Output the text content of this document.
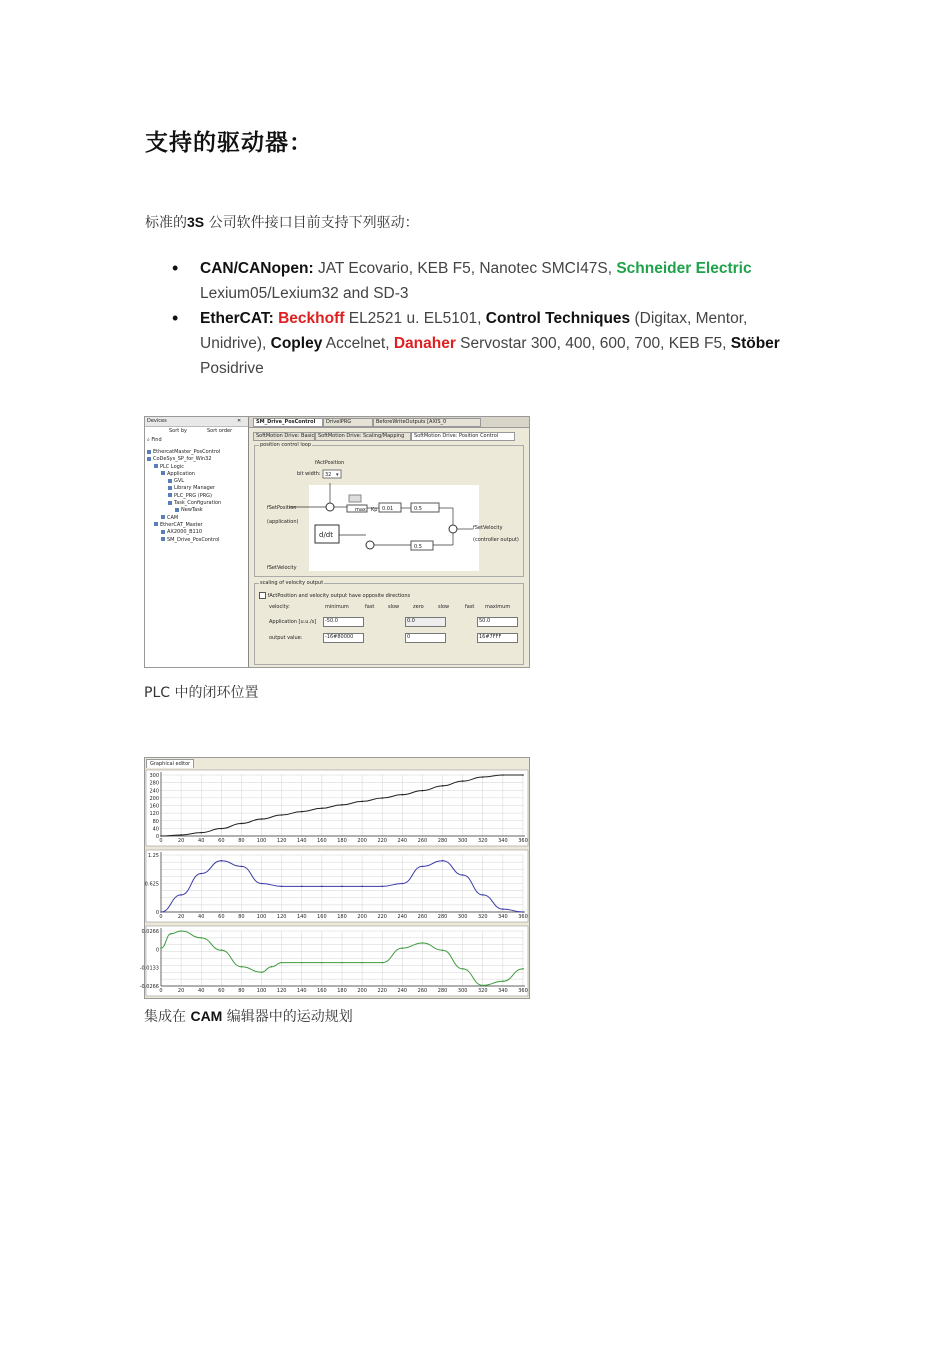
支持的驱动器：
标准的3S 公司软件接口目前支持下列驱动：
• CAN/CANopen: JAT Ecovario, KEB F5, Nanotec SMCI47S, Schneider Electric Lexium05/Lexium32 and SD-3
• EtherCAT: Beckhoff EL2521 u. EL5101, Control Techniques (Digitax, Mentor, Unidrive), Copley Accelnet, Danaher Servostar 300, 400, 600, 700, KEB F5, Stöber Posidrive
Devices	✕
Sort by	Sort order
⌕ Find
EthercatMaster_PosControl
CoDeSys_SP_for_Win32
PLC Logic
Application
GVL
Library Manager
PLC_PRG (PRG)
Task_Configuration
NewTask
CAM
EtherCAT_Master
AX2000_B110
SM_Drive_PosControl
SM_Drive_PosControl	DriveIPRG	BeforeWriteOutputs [AXIS_0
SoftMotion Drive: Basic SoftMotion Drive: Scaling/Mapping	SoftMotion Drive: Position Control
position control loop
fActPosition
bit width: 32 ▾
fSetPosition
(application)
max Kp 0.01	0.5
d/dt
0.5
fSetVelocity
(controller output)
fSetVelocity
scaling of velocity output
fActPosition and velocity output have opposite directions
velocity:	minimum	fast	slow	zero	slow	fast maximum
Application [u.u./s]	-50.0	0.0	50.0
output value:	-16#80000	0	16#7FFF
PLC 中的闭环位置
Graphical editor
0	20	40	60	80 100 120 140 160 180 200 220 240 260 280 300 320 340 360
300
280
240
200
160
120
80
40
0
0	20	40	60	80 100 120 140 160 180 200 220 240 260 280 300 320 340 360
1.25
0.625
0
0	20	40	60	80 100 120 140 160 180 200 220 240 260 280 300 320 340 360
0.0266
0
-0.0133
-0.0266
集成在 CAM 编辑器中的运动规划
